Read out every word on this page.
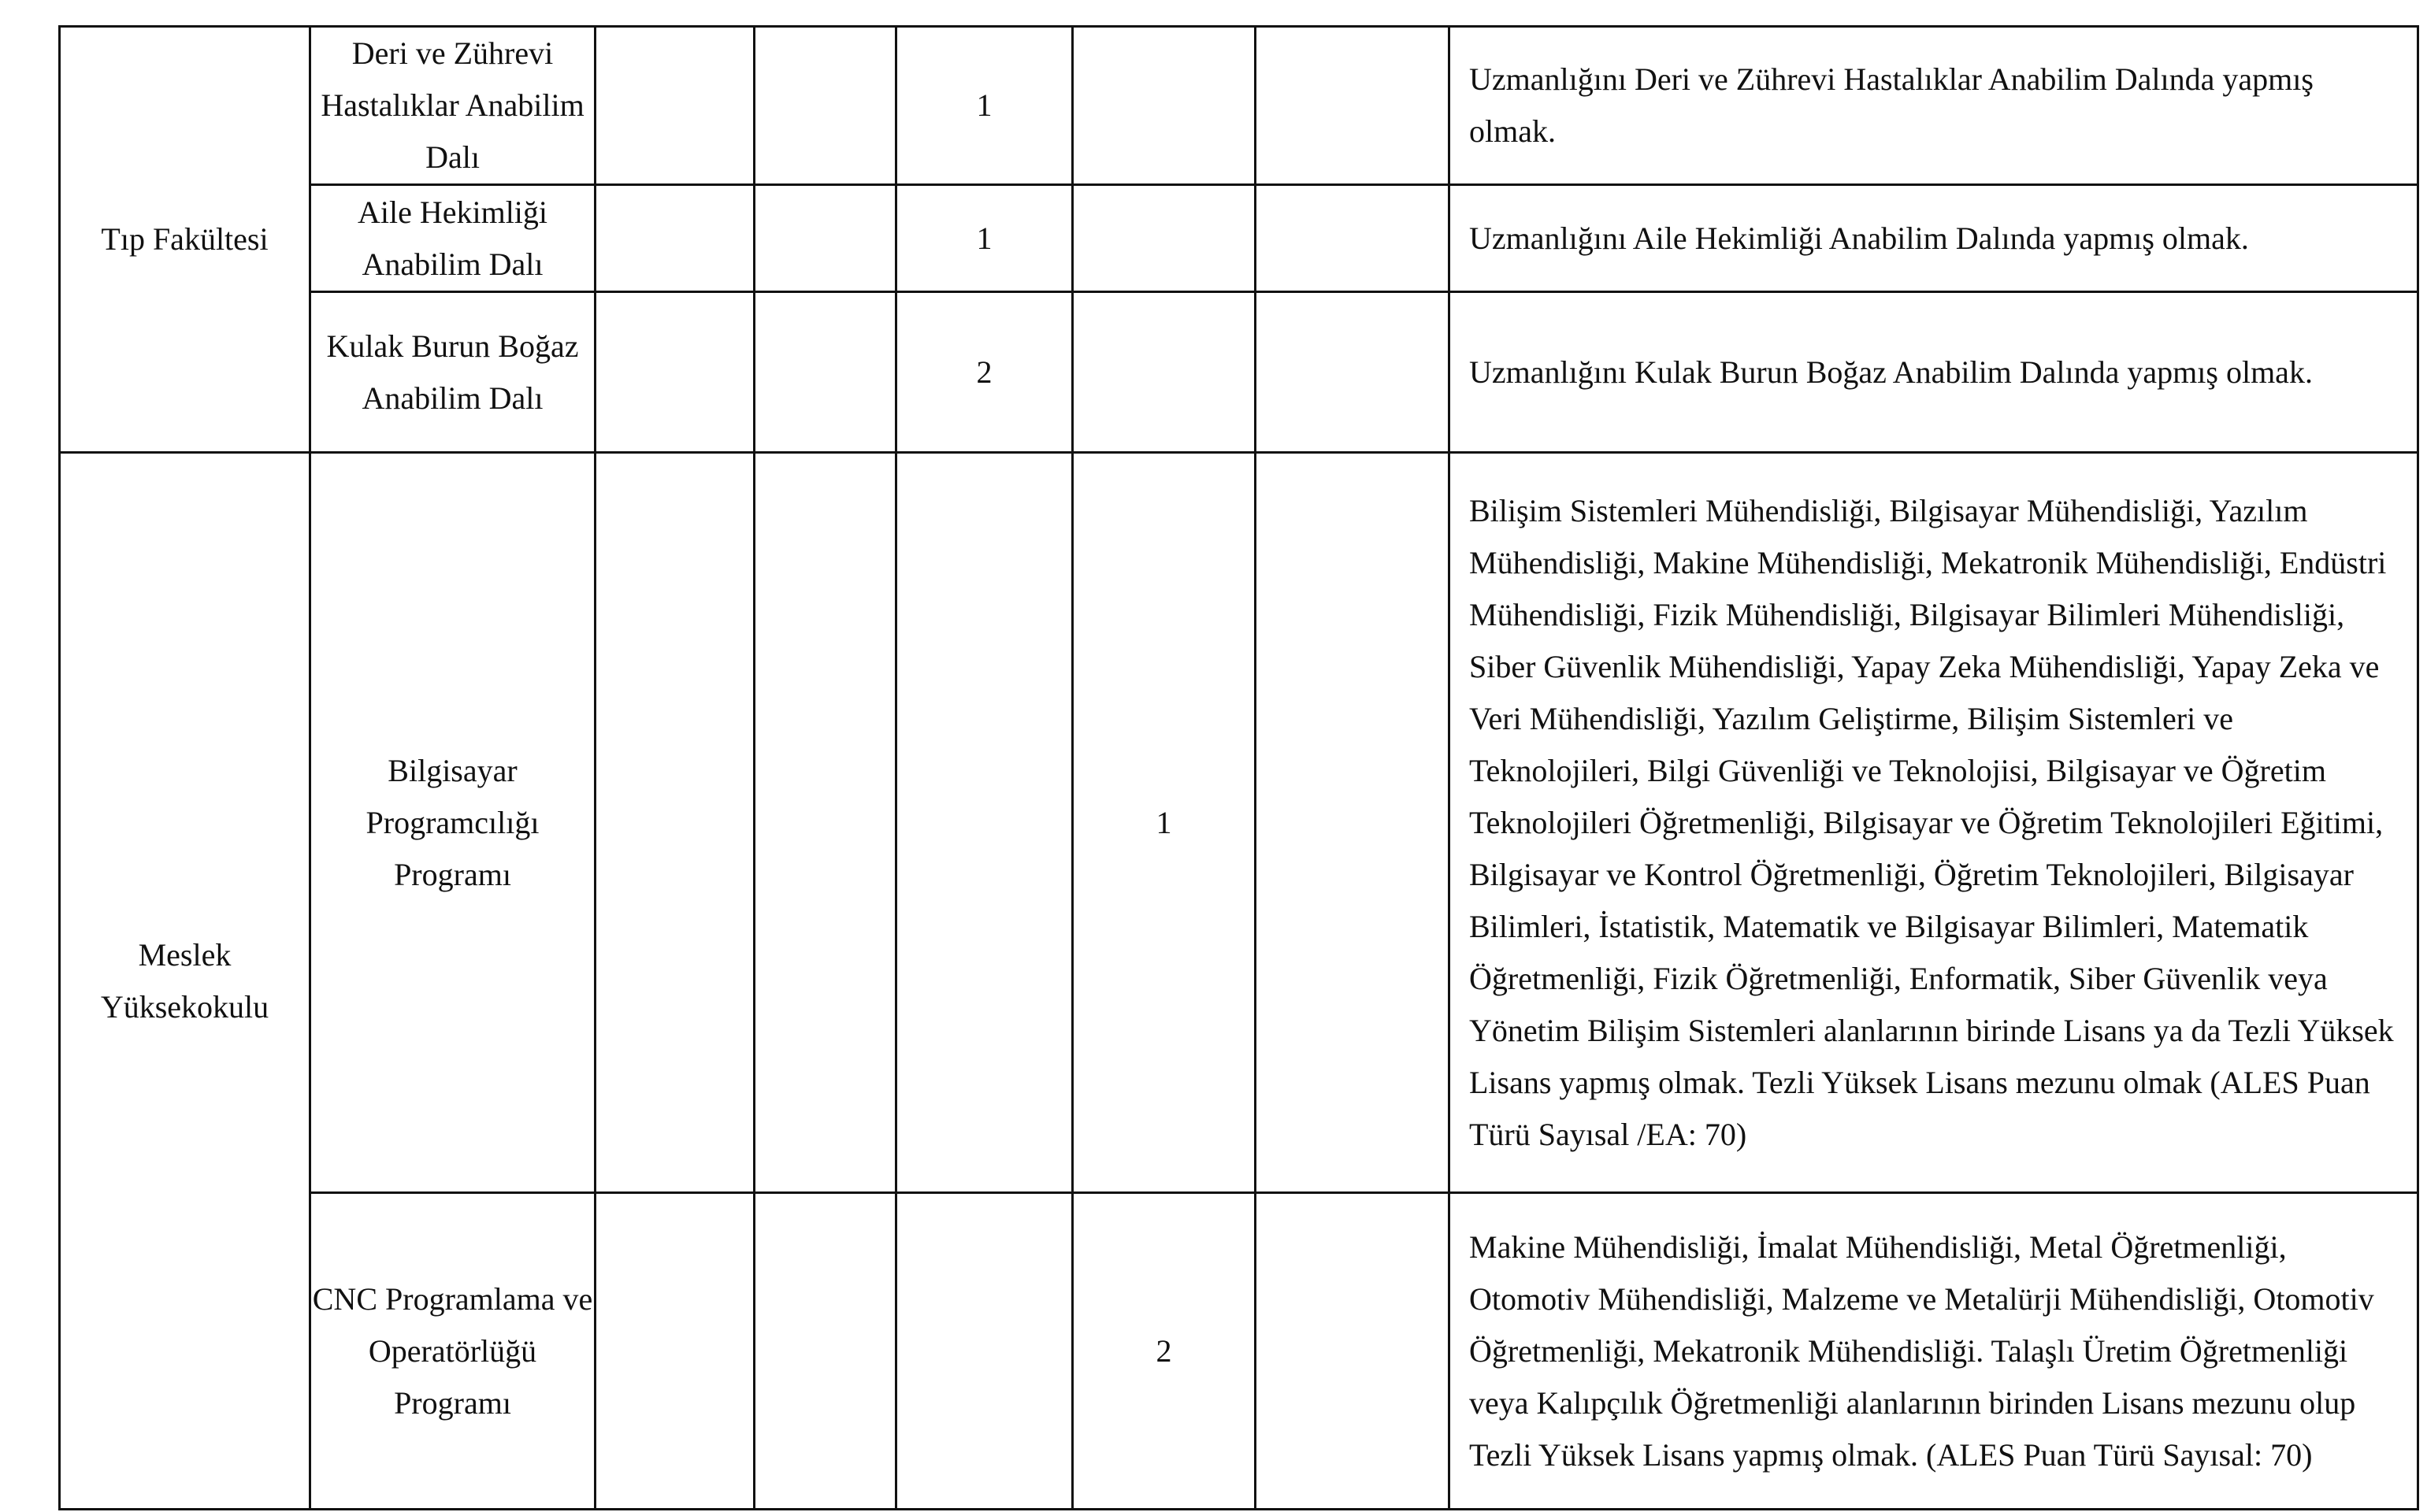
Tıp Fakültesi	Deri ve Zührevi Hastalıklar Anabilim Dalı			1			Uzmanlığını Deri ve Zührevi Hastalıklar Anabilim Dalında yapmış olmak.
	Aile Hekimliği Anabilim Dalı			1			Uzmanlığını Aile Hekimliği Anabilim Dalında yapmış olmak.
	Kulak Burun Boğaz Anabilim Dalı			2			Uzmanlığını Kulak Burun Boğaz Anabilim Dalında yapmış olmak.
Meslek Yüksekokulu	Bilgisayar Programcılığı Programı				1		Bilişim Sistemleri Mühendisliği, Bilgisayar Mühendisliği, Yazılım Mühendisliği, Makine Mühendisliği, Mekatronik Mühendisliği, Endüstri Mühendisliği, Fizik Mühendisliği, Bilgisayar Bilimleri Mühendisliği, Siber Güvenlik Mühendisliği, Yapay Zeka Mühendisliği, Yapay Zeka ve Veri Mühendisliği, Yazılım Geliştirme, Bilişim Sistemleri ve Teknolojileri, Bilgi Güvenliği ve Teknolojisi, Bilgisayar ve Öğretim Teknolojileri Öğretmenliği, Bilgisayar ve Öğretim Teknolojileri Eğitimi, Bilgisayar ve Kontrol Öğretmenliği, Öğretim Teknolojileri, Bilgisayar Bilimleri, İstatistik, Matematik ve Bilgisayar Bilimleri, Matematik Öğretmenliği, Fizik Öğretmenliği, Enformatik, Siber Güvenlik veya Yönetim Bilişim Sistemleri alanlarının birinde Lisans ya da Tezli Yüksek Lisans yapmış olmak. Tezli Yüksek Lisans mezunu olmak (ALES Puan Türü Sayısal /EA: 70)
	CNC Programlama ve Operatörlüğü Programı				2		Makine Mühendisliği, İmalat Mühendisliği, Metal Öğretmenliği, Otomotiv Mühendisliği, Malzeme ve Metalürji Mühendisliği, Otomotiv Öğretmenliği, Mekatronik Mühendisliği. Talaşlı Üretim Öğretmenliği veya Kalıpçılık Öğretmenliği alanlarının birinden Lisans mezunu olup Tezli Yüksek Lisans yapmış olmak. (ALES Puan Türü Sayısal: 70)
